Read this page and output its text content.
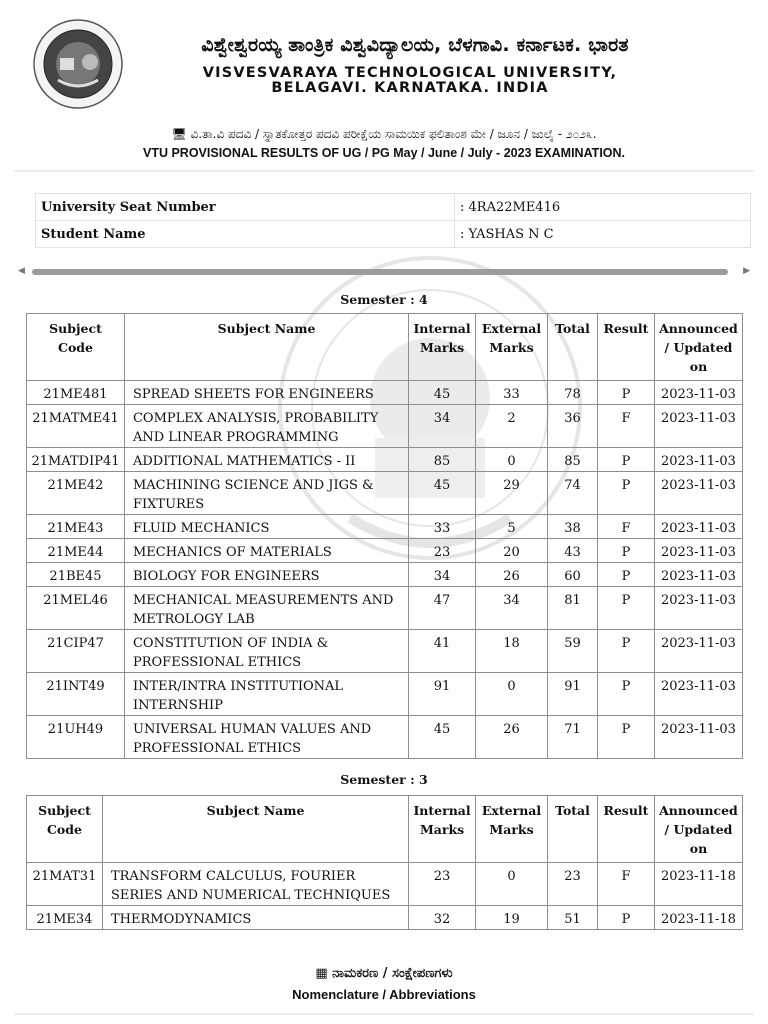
ವಿಶ್ವೇಶ್ವರಯ್ಯ ತಾಂತ್ರಿಕ ವಿಶ್ವವಿದ್ಯಾಲಯ, ಬೆಳಗಾವಿ. ಕರ್ನಾಟಕ. ಭಾರತ
VISVESVARAYA TECHNOLOGICAL UNIVERSITY,
BELAGAVI. KARNATAKA. INDIA
🖥︎ ವಿ.ತಾ.ವಿ ಪದವಿ / ಸ್ನಾತಕೋತ್ತರ ಪದವಿ ಪರೀಕ್ಷೆಯ ಸಾಮಯಿಕ ಫಲಿತಾಂಶ ಮೇ / ಜೂನ / ಜುಲೈ - ೨೦೨೩.
VTU PROVISIONAL RESULTS OF UG / PG May / June / July - 2023 EXAMINATION.
University Seat Number	: 4RA22ME416
Student Name	: YASHAS N C
◀	▶
Semester : 4
Subject Code	Subject Name	Internal Marks	External Marks	Total	Result	Announced / Updated on
21ME481	SPREAD SHEETS FOR ENGINEERS	45	33	78	P	2023-11-03
21MATME41	COMPLEX ANALYSIS, PROBABILITY AND LINEAR PROGRAMMING	34	2	36	F	2023-11-03
21MATDIP41	ADDITIONAL MATHEMATICS - II	85	0	85	P	2023-11-03
21ME42	MACHINING SCIENCE AND JIGS & FIXTURES	45	29	74	P	2023-11-03
21ME43	FLUID MECHANICS	33	5	38	F	2023-11-03
21ME44	MECHANICS OF MATERIALS	23	20	43	P	2023-11-03
21BE45	BIOLOGY FOR ENGINEERS	34	26	60	P	2023-11-03
21MEL46	MECHANICAL MEASUREMENTS AND METROLOGY LAB	47	34	81	P	2023-11-03
21CIP47	CONSTITUTION OF INDIA & PROFESSIONAL ETHICS	41	18	59	P	2023-11-03
21INT49	INTER/INTRA INSTITUTIONAL INTERNSHIP	91	0	91	P	2023-11-03
21UH49	UNIVERSAL HUMAN VALUES AND PROFESSIONAL ETHICS	45	26	71	P	2023-11-03
Semester : 3
Subject Code	Subject Name	Internal Marks	External Marks	Total	Result	Announced / Updated on
21MAT31	TRANSFORM CALCULUS, FOURIER SERIES AND NUMERICAL TECHNIQUES	23	0	23	F	2023-11-18
21ME34	THERMODYNAMICS	32	19	51	P	2023-11-18
▦ ನಾಮಕರಣ / ಸಂಕ್ಷೇಪಣಗಳು
Nomenclature / Abbreviations
